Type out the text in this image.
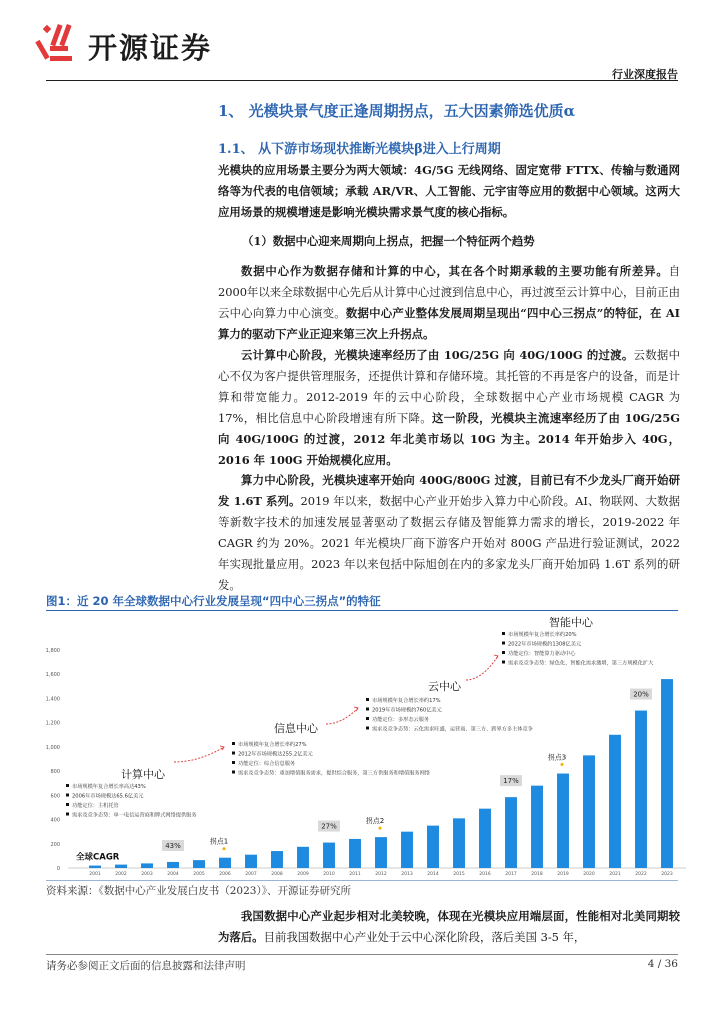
开源证券
行业深度报告
1、 光模块景气度正逢周期拐点，五大因素筛选优质α
1.1、 从下游市场现状推断光模块β进入上行周期
光模块的应用场景主要分为两大领域：4G/5G 无线网络、固定宽带 FTTX、传输与数通网络等为代表的电信领域；承载 AR/VR、人工智能、元宇宙等应用的数据中心领域。这两大应用场景的规模增速是影响光模块需求景气度的核心指标。
（1）数据中心迎来周期向上拐点，把握一个特征两个趋势
数据中心作为数据存储和计算的中心，其在各个时期承载的主要功能有所差异。自2000年以来全球数据中心先后从计算中心过渡到信息中心，再过渡至云计算中心，目前正由云中心向算力中心演变。数据中心产业整体发展周期呈现出“四中心三拐点”的特征，在 AI 算力的驱动下产业正迎来第三次上升拐点。
云计算中心阶段，光模块速率经历了由 10G/25G 向 40G/100G 的过渡。云数据中心不仅为客户提供管理服务，还提供计算和存储环境。其托管的不再是客户的设备，而是计算和带宽能力。2012-2019 年的云中心阶段，全球数据中心产业市场规模 CAGR 为 17%，相比信息中心阶段增速有所下降。这一阶段，光模块主流速率经历了由 10G/25G 向 40G/100G 的过渡，2012 年北美市场以 10G 为主。2014 年开始步入 40G，2016 年 100G 开始规模化应用。
算力中心阶段，光模块速率开始向 400G/800G 过渡，目前已有不少龙头厂商开始研发 1.6T 系列。2019 年以来，数据中心产业开始步入算力中心阶段。AI、物联网、大数据等新数字技术的加速发展显著驱动了数据云存储及智能算力需求的增长，2019-2022 年 CAGR 约为 20%。2021 年光模块厂商下游客户开始对 800G 产品进行验证测试，2022 年实现批量应用。2023 年以来包括中际旭创在内的多家龙头厂商开始加码 1.6T 系列的研发。
图1：近 20 年全球数据中心行业发展呈现“四中心三拐点”的特征
0
200
400
600
800
1,000
1,200
1,400
1,600
1,800
2001	2002	2003	2004	2005	2006	2007	2008	2009	2010	2011	2012	2013	2014	2015	2016	2017	2018	2019	2020	2021	2022	2023
全球CAGR
43%
27%
17%
20%
拐点1
拐点2
拐点3
计算中心
市场规模年复合增长率高达43%
2006年市场规模达65.6亿美元
功能定位：主机托管
需求及竞争态势：单一电信运营商和牌式网络提供服务
信息中心
市场规模年复合增长率约27%
2012年市场规模达255.2亿美元
功能定位：综合信息服务
需求及竞争态势：重加增值服务需求，提供综合服务，第三方供服务和增值服务网络
云中心
市场规模年复合增长率约17%
2019年市场规模约760亿美元
功能定位：多形态云服务
需求及竞争态势：云化需求旺盛，运营商、第三方、跨界方多主体竞争
智能中心
市场规模年复合增长率约20%
2022年市场规模约1308亿美元
功能定位：智能算力驱动中心
需求及竞争态势：绿色化、智能化需求激增，第三方规模化扩大
资料来源：《数据中心产业发展白皮书（2023）》、开源证券研究所
我国数据中心产业起步相对北美较晚，体现在光模块应用端层面，性能相对北美同期较为落后。目前我国数据中心产业处于云中心深化阶段，落后美国 3-5 年，
请务必参阅正文后面的信息披露和法律声明	4 / 36
